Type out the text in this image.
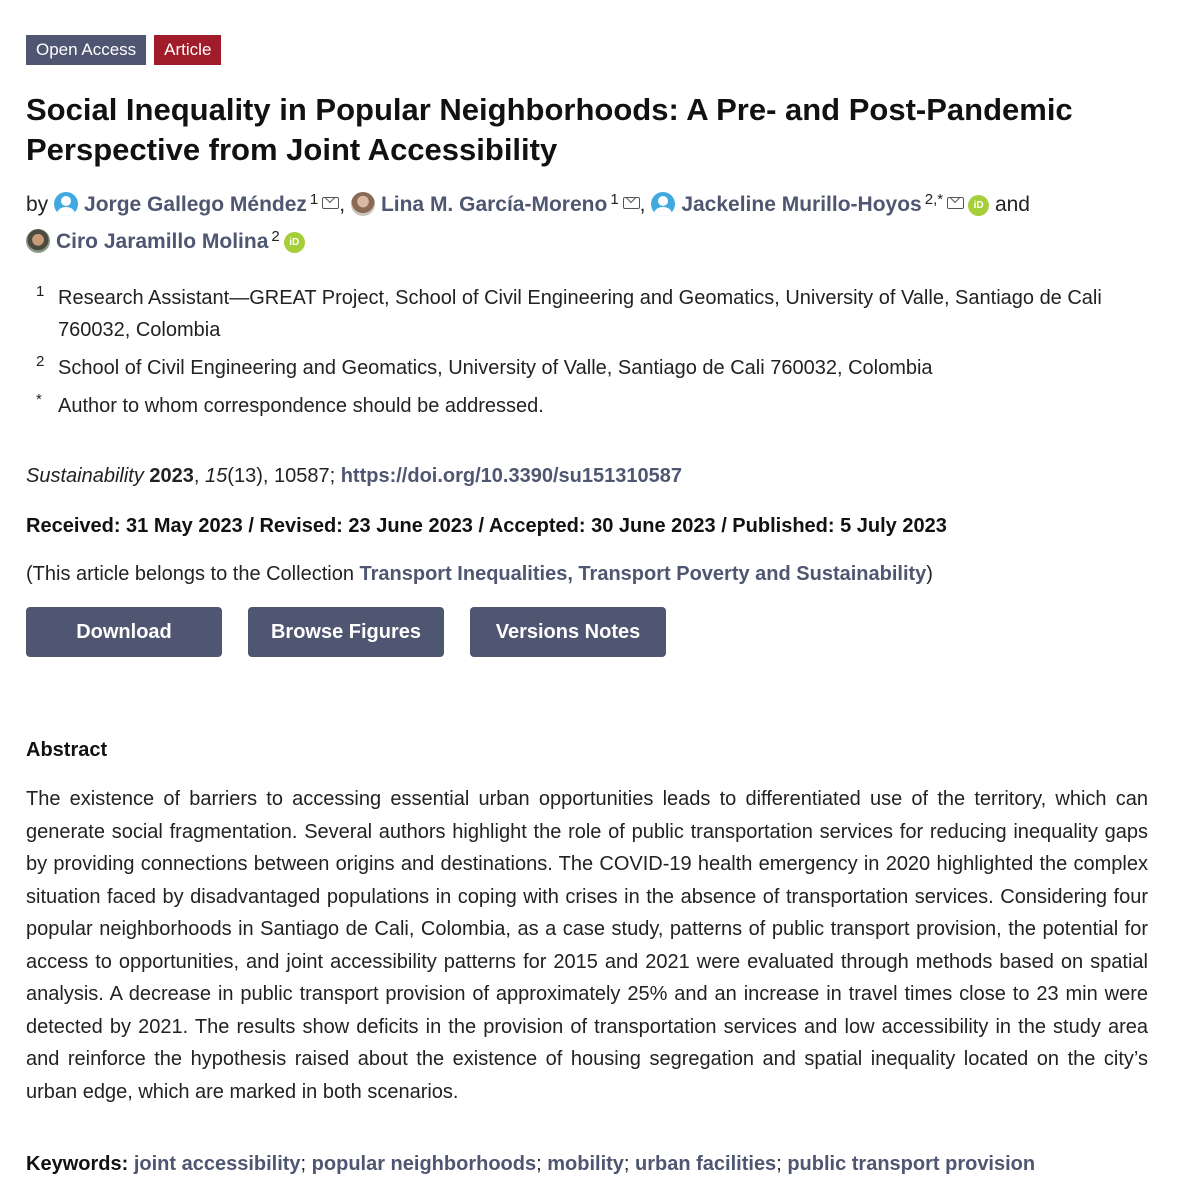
Open Access	Article
Social Inequality in Popular Neighborhoods: A Pre- and Post-Pandemic Perspective from Joint Accessibility
by Jorge Gallego Méndez $^1$ , Lina M. García-Moreno $^1$ , Jackeline Murillo-Hoyos $^{2,*}$	iD and
Ciro Jaramillo Molina $^2$ iD
1 Research Assistant—GREAT Project, School of Civil Engineering and Geomatics, University of Valle, Santiago de Cali 760032, Colombia
2 School of Civil Engineering and Geomatics, University of Valle, Santiago de Cali 760032, Colombia
* Author to whom correspondence should be addressed.
Sustainability 2023, 15(13), 10587; https://doi.org/10.3390/su151310587
Received: 31 May 2023 / Revised: 23 June 2023 / Accepted: 30 June 2023 / Published: 5 July 2023
(This article belongs to the Collection Transport Inequalities, Transport Poverty and Sustainability)
Download	Browse Figures	Versions Notes
Abstract

The existence of barriers to accessing essential urban opportunities leads to differentiated use of the territory, which can generate social fragmentation. Several authors highlight the role of public transportation services for reducing inequality gaps by providing connections between origins and destinations. The COVID-19 health emergency in 2020 highlighted the complex situation faced by disadvantaged populations in coping with crises in the absence of transportation services. Considering four popular neighborhoods in Santiago de Cali, Colombia, as a case study, patterns of public transport provision, the potential for access to opportunities, and joint accessibility patterns for 2015 and 2021 were evaluated through methods based on spatial analysis. A decrease in public transport provision of approximately 25% and an increase in travel times close to 23 min were detected by 2021. The results show deficits in the provision of transportation services and low accessibility in the study area and reinforce the hypothesis raised about the existence of housing segregation and spatial inequality located on the city’s urban edge, which are marked in both scenarios.

Keywords: joint accessibility; popular neighborhoods; mobility; urban facilities; public transport provision
